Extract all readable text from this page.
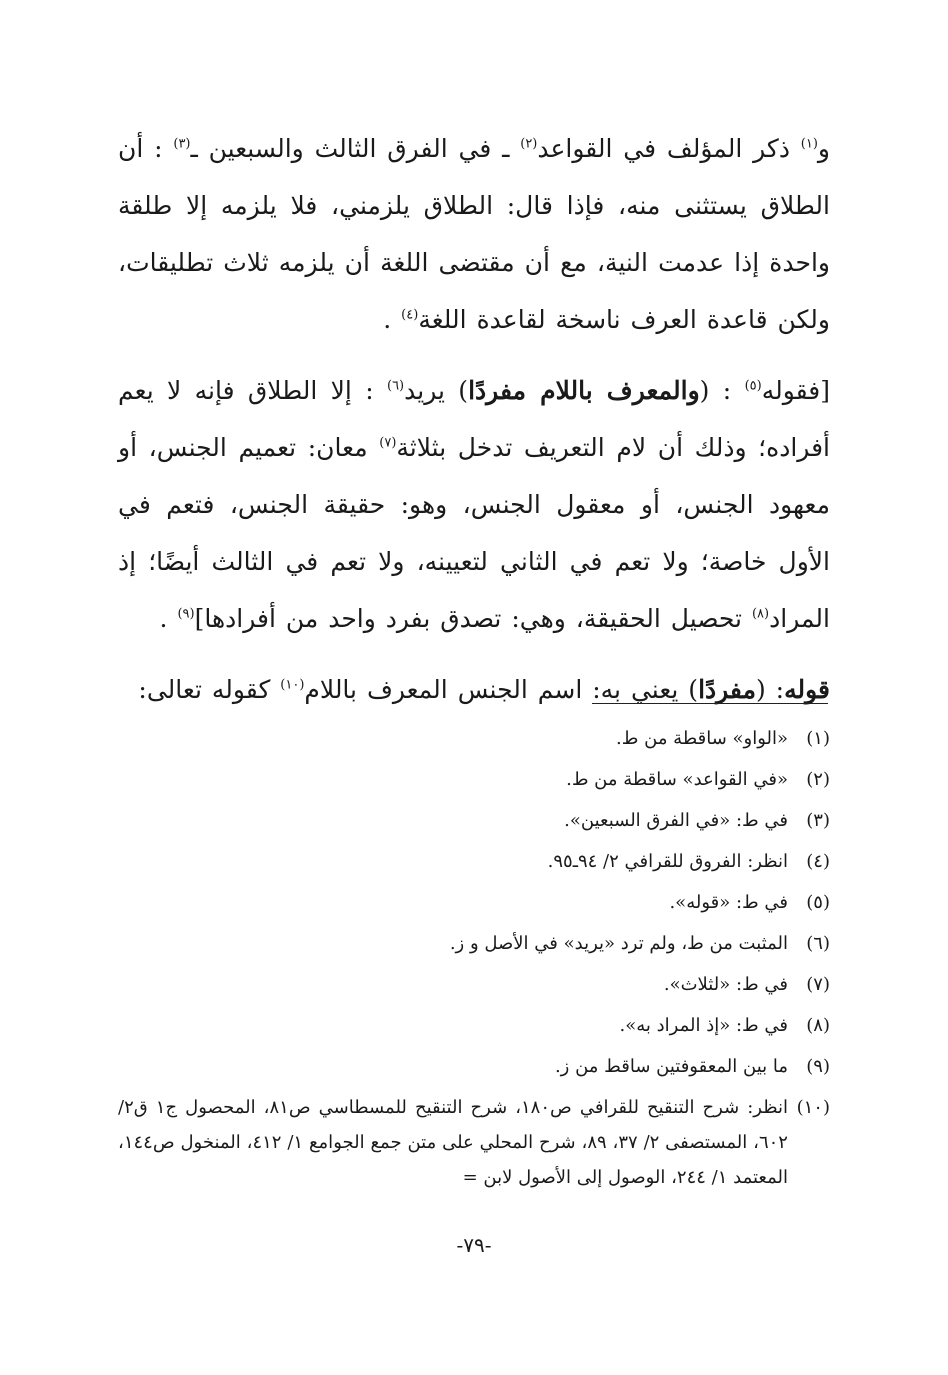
و$^{(١)}$ ذكر المؤلف في القواعد$^{(٢)}$ ـ في الفرق الثالث والسبعين ـ$^{(٣)}$ : أن الطلاق يستثنى منه، فإذا قال: الطلاق يلزمني، فلا يلزمه إلا طلقة واحدة إذا عدمت النية، مع أن مقتضى اللغة أن يلزمه ثلاث تطليقات، ولكن قاعدة العرف ناسخة لقاعدة اللغة$^{(٤)}$ .

[فقوله$^{(٥)}$ : (والمعرف باللام مفردًا) يريد$^{(٦)}$ : إلا الطلاق فإنه لا يعم أفراده؛ وذلك أن لام التعريف تدخل بثلاثة$^{(٧)}$ معان: تعميم الجنس، أو معهود الجنس، أو معقول الجنس، وهو: حقيقة الجنس، فتعم في الأول خاصة؛ ولا تعم في الثاني لتعيينه، ولا تعم في الثالث أيضًا؛ إذ المراد$^{(٨)}$ تحصيل الحقيقة، وهي: تصدق بفرد واحد من أفرادها]$^{(٩)}$ .

قوله: (مفردًا) يعني به: اسم الجنس المعرف باللام$^{(١٠)}$ كقوله تعالى:

(١)
«الواو» ساقطة من ط.

(٢)
«في القواعد» ساقطة من ط.

(٣)
في ط: «في الفرق السبعين».

(٤)
انظر: الفروق للقرافي ٢/ ٩٤ـ٩٥.

(٥)
في ط: «قوله».

(٦)
المثبت من ط، ولم ترد «يريد» في الأصل و ز.

(٧)
في ط: «لثلاث».

(٨)
في ط: «إذ المراد به».

(٩)
ما بين المعقوفتين ساقط من ز.

(١٠)
انظر: شرح التنقيح للقرافي ص١٨٠، شرح التنقيح للمسطاسي ص٨١، المحصول ج١ ق٢/ ٦٠٢، المستصفى ٢/ ٣٧، ٨٩، شرح المحلي على متن جمع الجوامع ١/ ٤١٢، المنخول ص١٤٤، المعتمد ١/ ٢٤٤، الوصول إلى الأصول لابن =

-٧٩-
